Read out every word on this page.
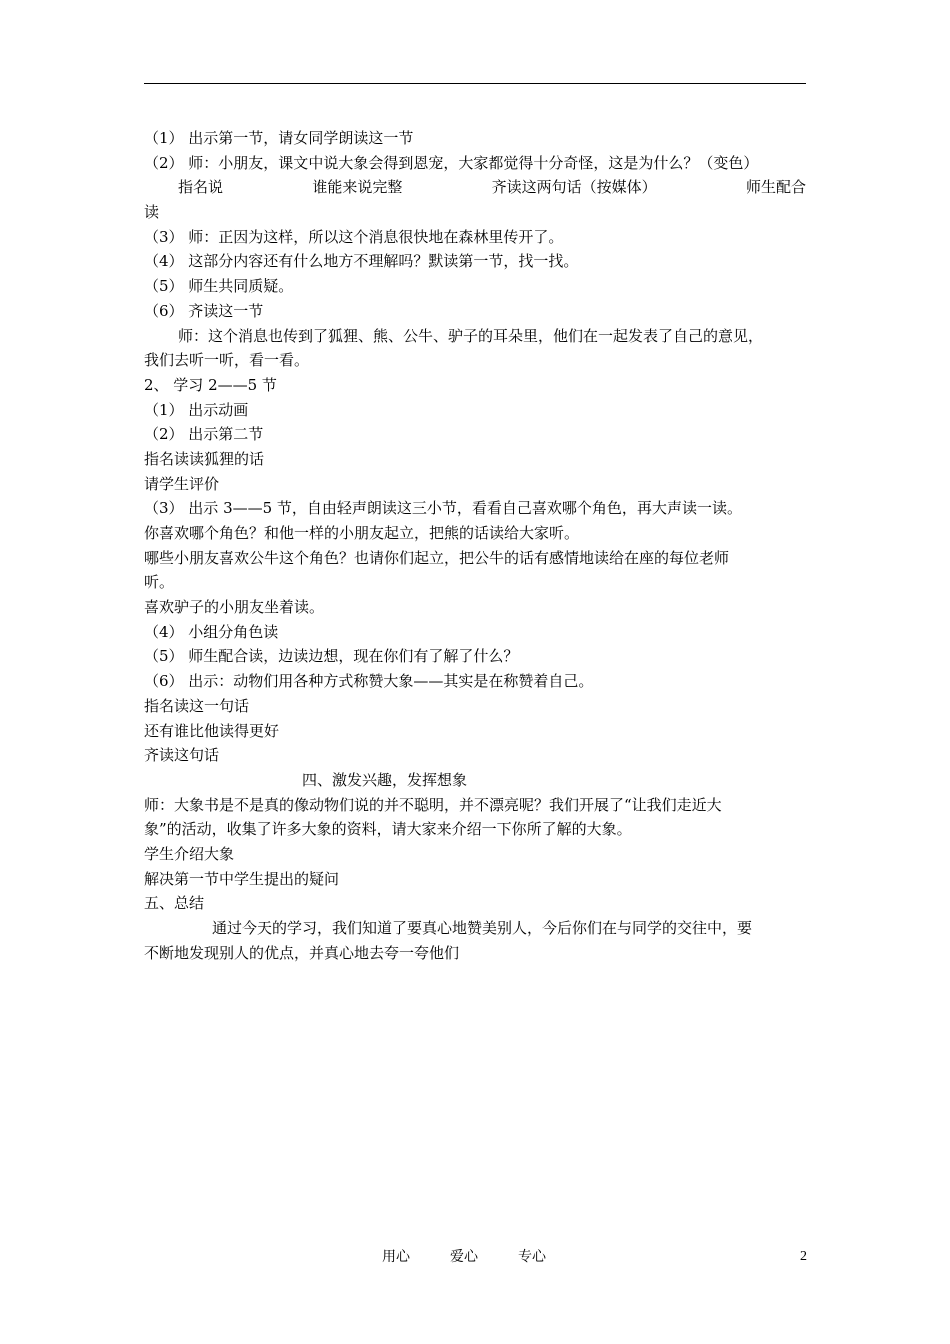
（1） 出示第一节，请女同学朗读这一节
（2） 师：小朋友，课文中说大象会得到恩宠，大家都觉得十分奇怪，这是为什么？（变色）
指名说	谁能来说完整	齐读这两句话（按媒体）	师生配合
读
（3） 师：正因为这样，所以这个消息很快地在森林里传开了。
（4） 这部分内容还有什么地方不理解吗？默读第一节，找一找。
（5） 师生共同质疑。
（6） 齐读这一节
师：这个消息也传到了狐狸、熊、公牛、驴子的耳朵里，他们在一起发表了自己的意见，
我们去听一听，看一看。
2、 学习 2——5 节
（1） 出示动画
（2） 出示第二节
指名读读狐狸的话
请学生评价
（3） 出示 3——5 节，自由轻声朗读这三小节，看看自己喜欢哪个角色，再大声读一读。
你喜欢哪个角色？和他一样的小朋友起立，把熊的话读给大家听。
哪些小朋友喜欢公牛这个角色？也请你们起立，把公牛的话有感情地读给在座的每位老师
听。
喜欢驴子的小朋友坐着读。
（4） 小组分角色读
（5） 师生配合读，边读边想，现在你们有了解了什么？
（6） 出示：动物们用各种方式称赞大象——其实是在称赞着自己。
指名读这一句话
还有谁比他读得更好
齐读这句话
四、激发兴趣，发挥想象
师：大象书是不是真的像动物们说的并不聪明，并不漂亮呢？我们开展了“让我们走近大
象”的活动，收集了许多大象的资料，请大家来介绍一下你所了解的大象。
学生介绍大象
解决第一节中学生提出的疑问
五、总结
通过今天的学习，我们知道了要真心地赞美别人，今后你们在与同学的交往中，要
不断地发现别人的优点，并真心地去夸一夸他们
用心	爱心	专心	2
